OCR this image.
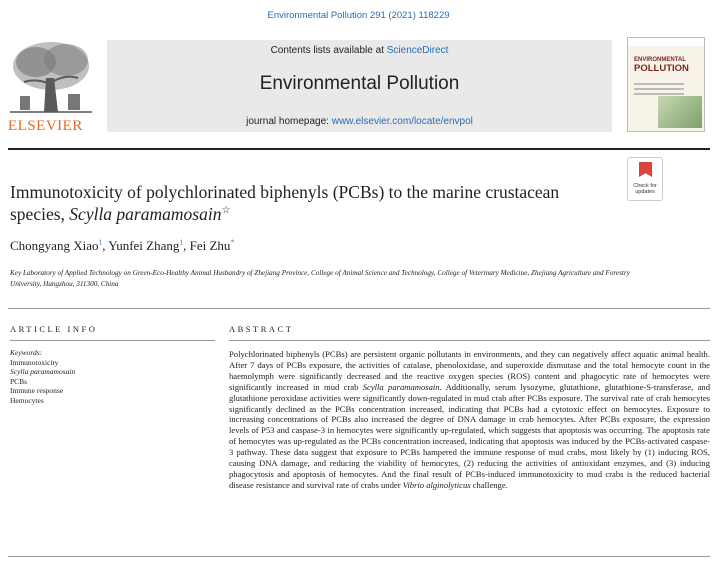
Environmental Pollution 291 (2021) 118229
ELSEVIER
Contents lists available at ScienceDirect
Environmental Pollution
journal homepage: www.elsevier.com/locate/envpol
ENVIRONMENTAL
POLLUTION
Check for updates
Immunotoxicity of polychlorinated biphenyls (PCBs) to the marine crustacean species, Scylla paramamosain☆
Chongyang Xiao$^1$, Yunfei Zhang$^1$, Fei Zhu*
Key Laboratory of Applied Technology on Green-Eco-Healthy Animal Husbandry of Zhejiang Province, College of Animal Science and Technology, College of Veterinary Medicine, Zhejiang Agriculture and Forestry University, Hangzhou, 311300, China
ARTICLE INFO	ABSTRACT
Keywords:
Immunotoxicity
Scylla paramamosain
PCBs
Immune response
Hemocytes
Polychlorinated biphenyls (PCBs) are persistent organic pollutants in environments, and they can negatively affect aquatic animal health. After 7 days of PCBs exposure, the activities of catalase, phenoloxidase, and superoxide dismutase and the total hemocyte count in the haemolymph were significantly decreased and the reactive oxygen species (ROS) content and phagocytic rate of hemocytes were significantly increased in mud crab Scylla paramamosain. Additionally, serum lysozyme, glutathione, glutathione-S-transferase, and glutathione peroxidase activities were significantly down-regulated in mud crab after PCBs exposure. The survival rate of crab hemocytes significantly declined as the PCBs concentration increased, indicating that PCBs had a cytotoxic effect on hemocytes. Exposure to increasing concentrations of PCBs also increased the degree of DNA damage in crab hemocytes. After PCBs exposure, the expression levels of P53 and caspase-3 in hemocytes were significantly up-regulated, which suggests that apoptosis was occurring. The apoptosis rate of hemocytes was up-regulated as the PCBs concentration increased, indicating that apoptosis was induced by the PCBs-activated caspase-3 pathway. These data suggest that exposure to PCBs hampered the immune response of mud crabs, most likely by (1) inducing ROS, causing DNA damage, and reducing the viability of hemocytes, (2) reducing the activities of antioxidant enzymes, and (3) inducing phagocytosis and apoptosis of hemocytes. And the final result of PCBs-induced immunotoxicity to mud crabs is the reduced bacterial disease resistance and survival rate of crabs under Vibrio alginolyticus challenge.
